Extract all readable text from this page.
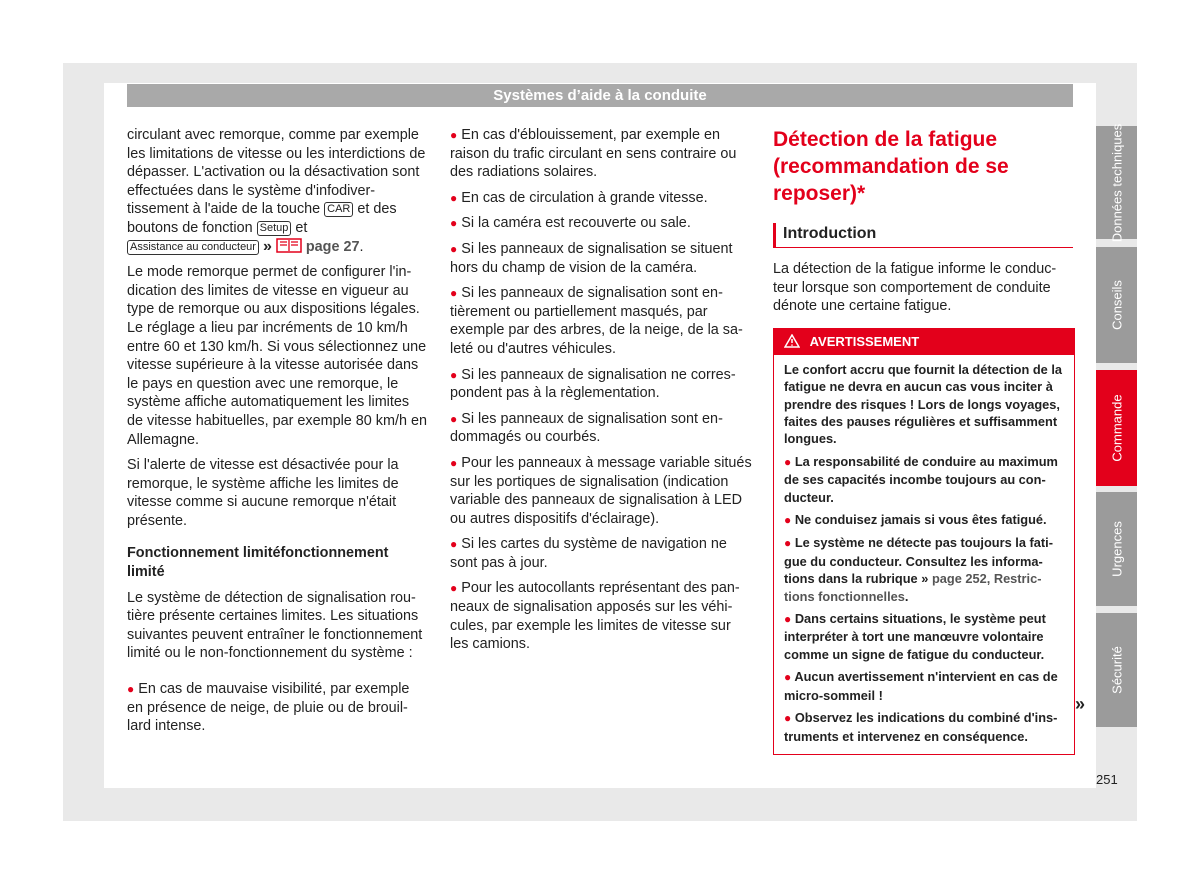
Systèmes d’aide à la conduite

circulant avec remorque, comme par exemple les limitations de vitesse ou les interdictions de dépasser. L'activation ou la désactivation sont effectuées dans le système d'infodivertissement à l'aide de la touche CAR et des boutons de fonction Setup et Assistance au conducteur » page 27.

Le mode remorque permet de configurer l'indication des limites de vitesse en vigueur au type de remorque ou aux dispositions légales. Le réglage a lieu par incréments de 10 km/h entre 60 et 130 km/h. Si vous sélectionnez une vitesse supérieure à la vitesse autorisée dans le pays en question avec une remorque, le système affiche automatiquement les limites de vitesse habituelles, par exemple 80 km/h en Allemagne.

Si l'alerte de vitesse est désactivée pour la remorque, le système affiche les limites de vitesse comme si aucune remorque n'était présente.

Fonctionnement limitéfonctionnement limité

Le système de détection de signalisation routière présente certaines limites. Les situations suivantes peuvent entraîner le fonctionnement limité ou le non-fonctionnement du système :

● En cas de mauvaise visibilité, par exemple en présence de neige, de pluie ou de brouillard intense.

● En cas d'éblouissement, par exemple en raison du trafic circulant en sens contraire ou des radiations solaires.

● En cas de circulation à grande vitesse.

● Si la caméra est recouverte ou sale.

● Si les panneaux de signalisation se situent hors du champ de vision de la caméra.

● Si les panneaux de signalisation sont entièrement ou partiellement masqués, par exemple par des arbres, de la neige, de la saleté ou d'autres véhicules.

● Si les panneaux de signalisation ne correspondent pas à la règlementation.

● Si les panneaux de signalisation sont endommagés ou courbés.

● Pour les panneaux à message variable situés sur les portiques de signalisation (indication variable des panneaux de signalisation à LED ou autres dispositifs d'éclairage).

● Si les cartes du système de navigation ne sont pas à jour.

● Pour les autocollants représentant des panneaux de signalisation apposés sur les véhicules, par exemple les limites de vitesse sur les camions.

Détection de la fatigue (recommandation de se reposer)*
Introduction

La détection de la fatigue informe le conducteur lorsque son comportement de conduite dénote une certaine fatigue.

AVERTISSEMENT

Le confort accru que fournit la détection de la fatigue ne devra en aucun cas vous inciter à prendre des risques ! Lors de longs voyages, faites des pauses régulières et suffisamment longues.

● La responsabilité de conduire au maximum de ses capacités incombe toujours au conducteur.

● Ne conduisez jamais si vous êtes fatigué.

● Le système ne détecte pas toujours la fatigue du conducteur. Consultez les informations dans la rubrique » page 252, Restrictions fonctionnelles.

● Dans certains situations, le système peut interpréter à tort une manœuvre volontaire comme un signe de fatigue du conducteur.

● Aucun avertissement n'intervient en cas de micro-sommeil !

● Observez les indications du combiné d'instruments et intervenez en conséquence.

»
Données techniques
Conseils
Commande
Urgences
Sécurité
251
